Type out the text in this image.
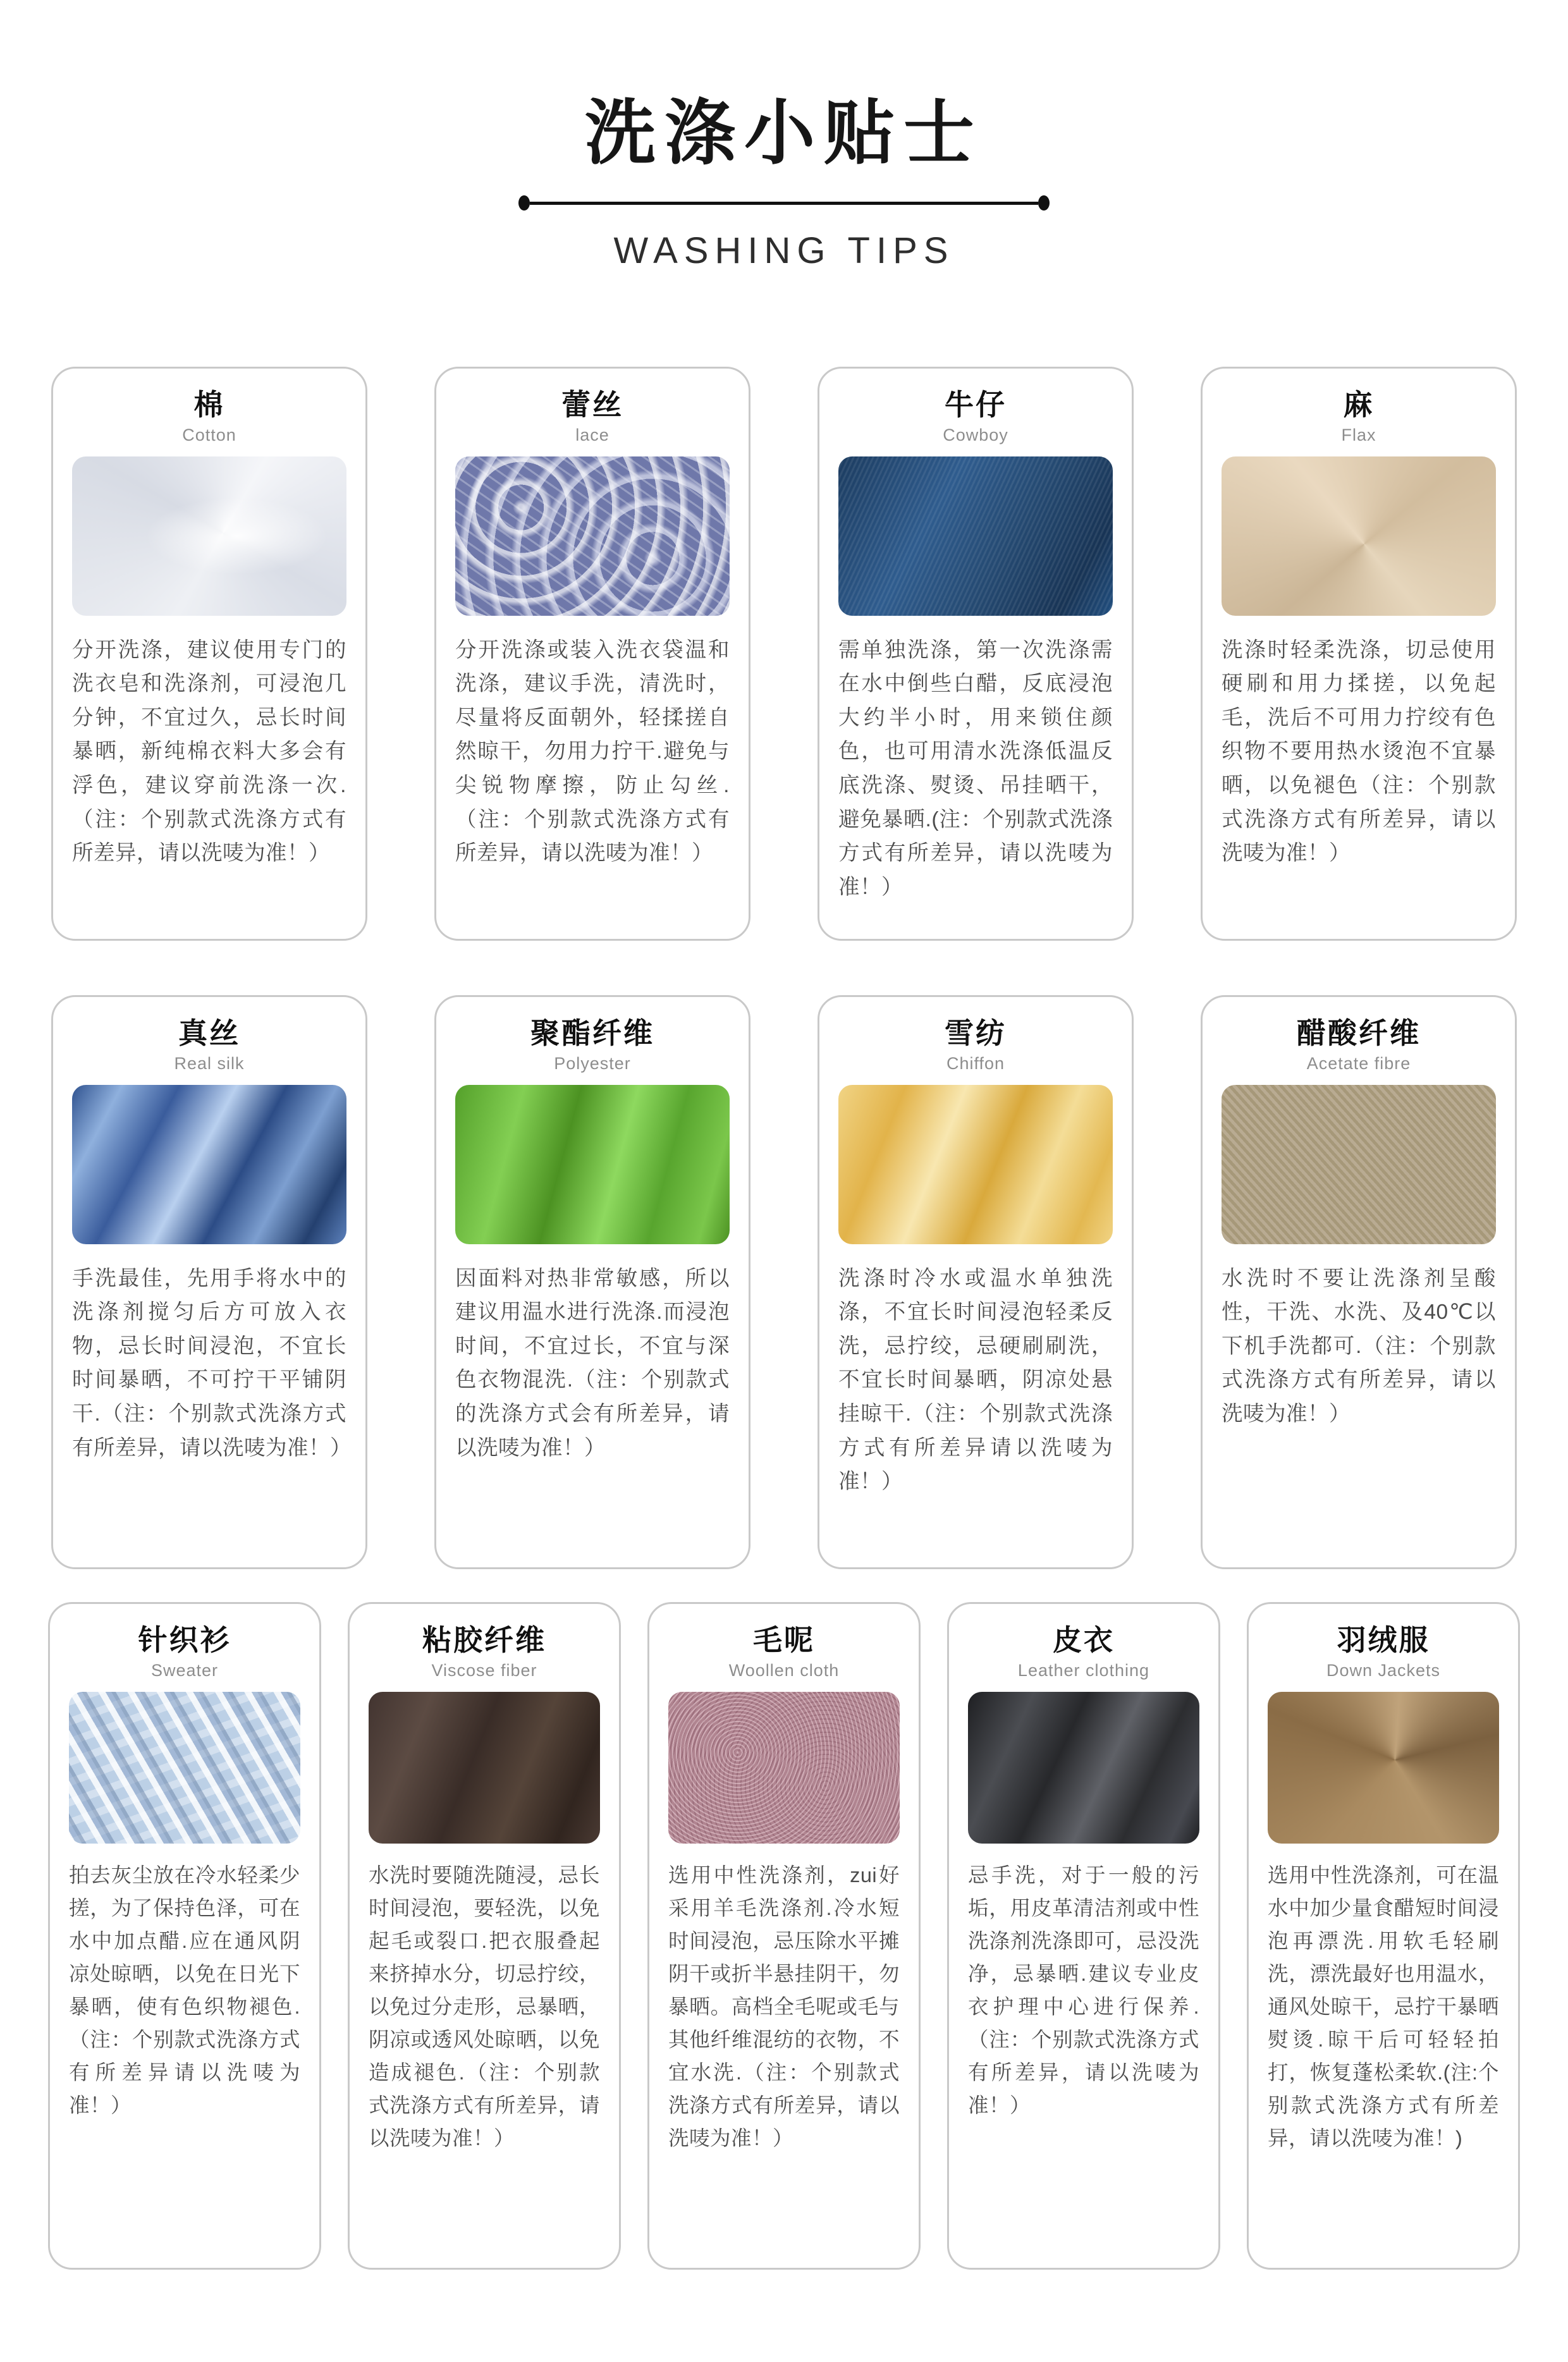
洗涤小贴士
WASHING TIPS
棉
Cotton

分开洗涤，建议使用专门的洗衣皂和洗涤剂，可浸泡几分钟，不宜过久，忌长时间暴晒，新纯棉衣料大多会有浮色，建议穿前洗涤一次.（注：个别款式洗涤方式有所差异，请以洗唛为准！）

蕾丝
lace

分开洗涤或装入洗衣袋温和洗涤，建议手洗，清洗时，尽量将反面朝外，轻揉搓自然晾干，勿用力拧干.避免与尖锐物摩擦，防止勾丝.（注：个别款式洗涤方式有所差异，请以洗唛为准！）

牛仔
Cowboy

需单独洗涤，第一次洗涤需在水中倒些白醋，反底浸泡大约半小时，用来锁住颜色，也可用清水洗涤低温反底洗涤、熨烫、吊挂晒干，避免暴晒.(注：个别款式洗涤方式有所差异，请以洗唛为准！）

麻
Flax

洗涤时轻柔洗涤，切忌使用硬刷和用力揉搓，以免起毛，洗后不可用力拧绞有色织物不要用热水烫泡不宜暴晒，以免褪色（注：个别款式洗涤方式有所差异，请以洗唛为准！）

真丝
Real silk

手洗最佳，先用手将水中的洗涤剂搅匀后方可放入衣物，忌长时间浸泡，不宜长时间暴晒，不可拧干平铺阴干.（注：个别款式洗涤方式有所差异，请以洗唛为准！）

聚酯纤维
Polyester

因面料对热非常敏感，所以建议用温水进行洗涤.而浸泡时间，不宜过长，不宜与深色衣物混洗.（注：个别款式的洗涤方式会有所差异，请以洗唛为准！）

雪纺
Chiffon

洗涤时冷水或温水单独洗涤，不宜长时间浸泡轻柔反洗，忌拧绞，忌硬刷刷洗，不宜长时间暴晒，阴凉处悬挂晾干.（注：个别款式洗涤方式有所差异请以洗唛为准！）

醋酸纤维
Acetate fibre

水洗时不要让洗涤剂呈酸性，干洗、水洗、及40℃以下机手洗都可.（注：个别款式洗涤方式有所差异，请以洗唛为准！）

针织衫
Sweater

拍去灰尘放在冷水轻柔少搓，为了保持色泽，可在水中加点醋.应在通风阴凉处晾晒，以免在日光下暴晒，使有色织物褪色.（注：个别款式洗涤方式有所差异请以洗唛为准！）

粘胶纤维
Viscose fiber

水洗时要随洗随浸，忌长时间浸泡，要轻洗，以免起毛或裂口.把衣服叠起来挤掉水分，切忌拧绞，以免过分走形，忌暴晒，阴凉或透风处晾晒，以免造成褪色.（注：个别款式洗涤方式有所差异，请以洗唛为准！）

毛呢
Woollen cloth

选用中性洗涤剂，zui好采用羊毛洗涤剂.冷水短时间浸泡，忌压除水平摊阴干或折半悬挂阴干，勿暴晒。高档全毛呢或毛与其他纤维混纺的衣物，不宜水洗.（注：个别款式洗涤方式有所差异，请以洗唛为准！）

皮衣
Leather clothing

忌手洗，对于一般的污垢，用皮革清洁剂或中性洗涤剂洗涤即可，忌没洗净，忌暴晒.建议专业皮衣护理中心进行保养.（注：个别款式洗涤方式有所差异，请以洗唛为准！）

羽绒服
Down Jackets

选用中性洗涤剂，可在温水中加少量食醋短时间浸泡再漂洗.用软毛轻刷洗，漂洗最好也用温水，通风处晾干，忌拧干暴晒熨烫.晾干后可轻轻拍打，恢复蓬松柔软.(注:个别款式洗涤方式有所差异，请以洗唛为准！)
